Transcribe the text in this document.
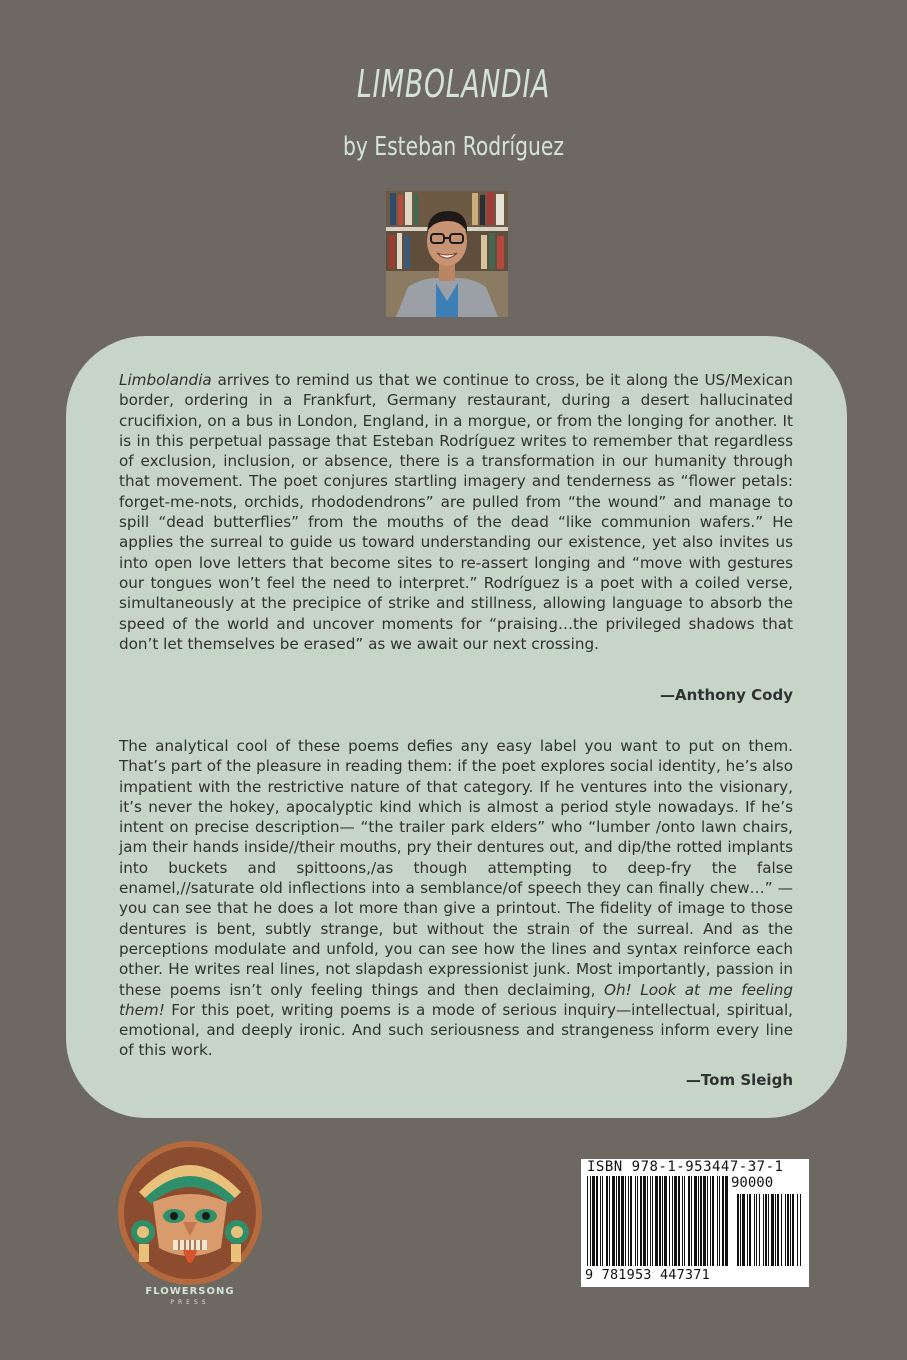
LIMBOLANDIA
by Esteban Rodríguez

Limbolandia arrives to remind us that we continue to cross, be it along the US/Mexican border, ordering in a Frankfurt, Germany restaurant, during a desert hallucinated crucifixion, on a bus in London, England, in a morgue, or from the longing for another. It is in this perpetual passage that Esteban Rodríguez writes to remember that regardless of exclusion, inclusion, or absence, there is a transformation in our humanity through that movement. The poet conjures startling imagery and tenderness as “flower petals: forget-me-nots, orchids, rhododendrons” are pulled from “the wound” and manage to spill “dead butterflies” from the mouths of the dead “like communion wafers.” He applies the surreal to guide us toward understanding our existence, yet also invites us into open love letters that become sites to re-assert longing and “move with gestures our tongues won’t feel the need to interpret.” Rodríguez is a poet with a coiled verse, simultaneously at the precipice of strike and stillness, allowing language to absorb the speed of the world and uncover moments for “praising…the privileged shadows that don’t let themselves be erased” as we await our next crossing.

—Anthony Cody

The analytical cool of these poems defies any easy label you want to put on them. That’s part of the pleasure in reading them: if the poet explores social identity, he’s also impatient with the restrictive nature of that category. If he ventures into the visionary, it’s never the hokey, apocalyptic kind which is almost a period style nowadays. If he’s intent on precise description— “the trailer park elders” who “lumber /onto lawn chairs, jam their hands inside//their mouths, pry their dentures out, and dip/the rotted implants into buckets and spittoons,/as though attempting to deep-fry the false enamel,//saturate old inflections into a semblance/of speech they can finally chew…” —you can see that he does a lot more than give a printout. The fidelity of image to those dentures is bent, subtly strange, but without the strain of the surreal. And as the perceptions modulate and unfold, you can see how the lines and syntax reinforce each other. He writes real lines, not slapdash expressionist junk. Most importantly, passion in these poems isn’t only feeling things and then declaiming, Oh! Look at me feeling them! For this poet, writing poems is a mode of serious inquiry—intellectual, spiritual, emotional, and deeply ironic. And such seriousness and strangeness inform every line of this work.

—Tom Sleigh
FLOWERSONG
PRESS
ISBN 978-1-953447-37-1
90000
9 781953 447371
